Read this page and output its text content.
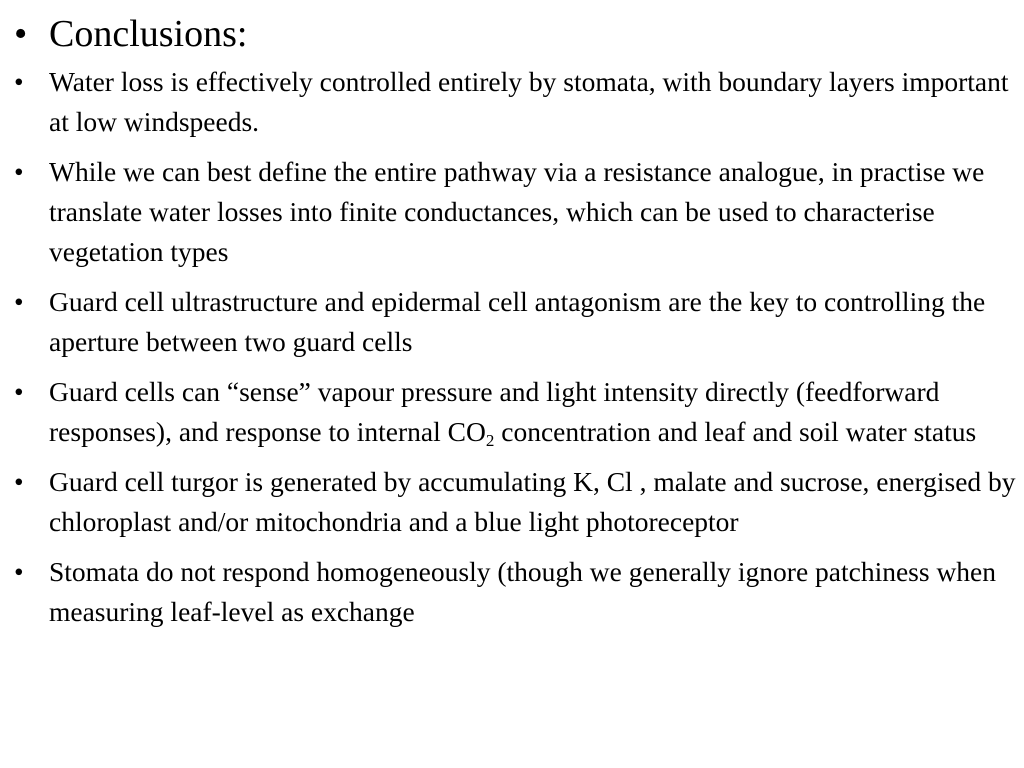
• Conclusions:
• Water loss is effectively controlled entirely by stomata, with boundary layers important at low windspeeds.
• While we can best define the entire pathway via a resistance analogue, in practise we translate water losses into finite conductances, which can be used to characterise vegetation types
• Guard cell ultrastructure and epidermal cell antagonism are the key to controlling the aperture between two guard cells
• Guard cells can “sense” vapour pressure and light intensity directly (feedforward responses), and response to internal $CO_2$ concentration and leaf and soil water status
• Guard cell turgor is generated by accumulating K, Cl , malate and sucrose, energised by chloroplast and/or mitochondria and a blue light photoreceptor
• Stomata do not respond homogeneously (though we generally ignore patchiness when measuring leaf-level as exchange
